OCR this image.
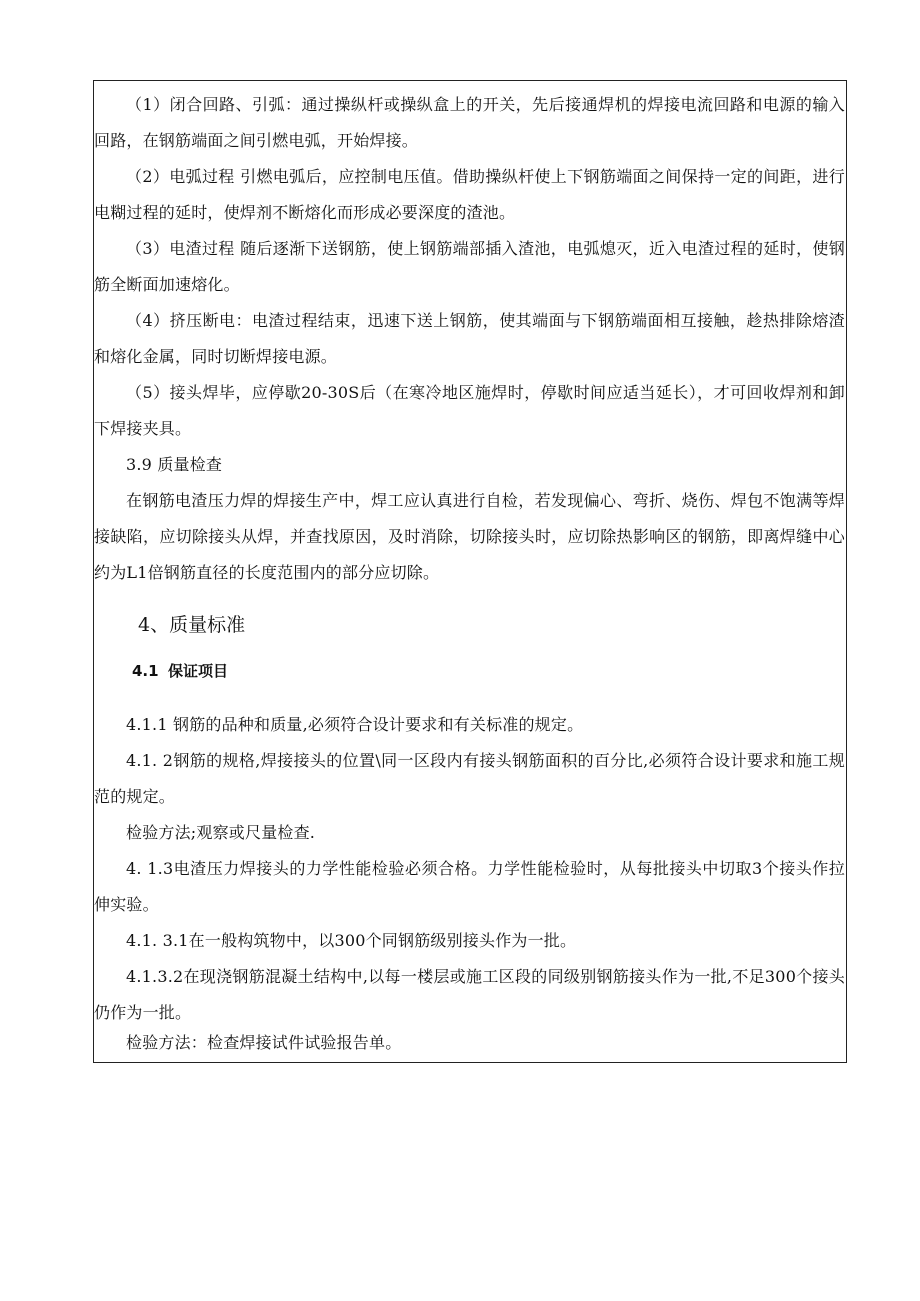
（1）闭合回路、引弧：通过操纵杆或操纵盒上的开关，先后接通焊机的焊接电流回路和电源的输入回路，在钢筋端面之间引燃电弧，开始焊接。
（2）电弧过程 引燃电弧后，应控制电压值。借助操纵杆使上下钢筋端面之间保持一定的间距，进行电糊过程的延时，使焊剂不断熔化而形成必要深度的渣池。
（3）电渣过程 随后逐渐下送钢筋，使上钢筋端部插入渣池，电弧熄灭，近入电渣过程的延时，使钢筋全断面加速熔化。
（4）挤压断电：电渣过程结束，迅速下送上钢筋，使其端面与下钢筋端面相互接触，趁热排除熔渣和熔化金属，同时切断焊接电源。
（5）接头焊毕，应停歇20-30S后（在寒冷地区施焊时，停歇时间应适当延长），才可回收焊剂和卸下焊接夹具。
3.9 质量检查
在钢筋电渣压力焊的焊接生产中，焊工应认真进行自检，若发现偏心、弯折、烧伤、焊包不饱满等焊接缺陷，应切除接头从焊，并查找原因，及时消除，切除接头时，应切除热影响区的钢筋，即离焊缝中心约为L1倍钢筋直径的长度范围内的部分应切除。
4、质量标准
4.1 保证项目
4.1.1 钢筋的品种和质量,必须符合设计要求和有关标准的规定。
4.1. 2钢筋的规格,焊接接头的位置\同一区段内有接头钢筋面积的百分比,必须符合设计要求和施工规范的规定。
检验方法;观察或尺量检查.
4. 1.3电渣压力焊接头的力学性能检验必须合格。力学性能检验时，从每批接头中切取3个接头作拉伸实验。
4.1. 3.1在一般构筑物中，以300个同钢筋级别接头作为一批。
4.1.3.2在现浇钢筋混凝土结构中,以每一楼层或施工区段的同级别钢筋接头作为一批,不足300个接头仍作为一批。
检验方法：检查焊接试件试验报告单。
